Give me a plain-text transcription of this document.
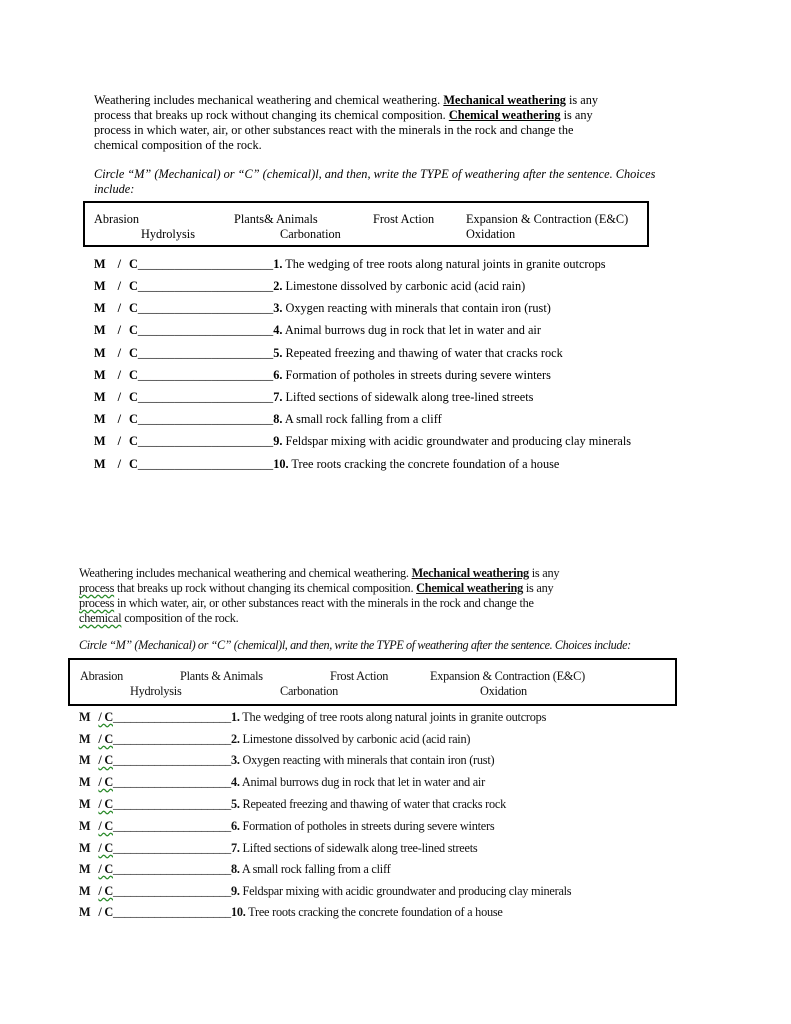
Weathering includes mechanical weathering and chemical weathering. Mechanical weathering is any
process that breaks up rock without changing its chemical composition. Chemical weathering is any
process in which water, air, or other substances react with the minerals in the rock and change the
chemical composition of the rock.
Circle “M” (Mechanical) or “C” (chemical)l, and then, write the TYPE of weathering after the sentence. Choices
include:
Abrasion	Plants& Animals	Frost Action	Expansion & Contraction (E&C)
Hydrolysis	Carbonation	Oxidation
M / C______________________1. The wedging of tree roots along natural joints in granite outcrops
M / C______________________2. Limestone dissolved by carbonic acid (acid rain)
M / C______________________3. Oxygen reacting with minerals that contain iron (rust)
M / C______________________4. Animal burrows dug in rock that let in water and air
M / C______________________5. Repeated freezing and thawing of water that cracks rock
M / C______________________6. Formation of potholes in streets during severe winters
M / C______________________7. Lifted sections of sidewalk along tree-lined streets
M / C______________________8. A small rock falling from a cliff
M / C______________________9. Feldspar mixing with acidic groundwater and producing clay minerals
M / C______________________10. Tree roots cracking the concrete foundation of a house
Weathering includes mechanical weathering and chemical weathering. Mechanical weathering is any
process that breaks up rock without changing its chemical composition. Chemical weathering is any
process in which water, air, or other substances react with the minerals in the rock and change the
chemical composition of the rock.
Circle “M” (Mechanical) or “C” (chemical)l, and then, write the TYPE of weathering after the sentence. Choices include:
Abrasion	Plants & Animals	Frost Action	Expansion & Contraction (E&C)
Hydrolysis	Carbonation	Oxidation
M / C____________________1. The wedging of tree roots along natural joints in granite outcrops
M / C____________________2. Limestone dissolved by carbonic acid (acid rain)
M / C____________________3. Oxygen reacting with minerals that contain iron (rust)
M / C____________________4. Animal burrows dug in rock that let in water and air
M / C____________________5. Repeated freezing and thawing of water that cracks rock
M / C____________________6. Formation of potholes in streets during severe winters
M / C____________________7. Lifted sections of sidewalk along tree-lined streets
M / C____________________8. A small rock falling from a cliff
M / C____________________9. Feldspar mixing with acidic groundwater and producing clay minerals
M / C____________________10. Tree roots cracking the concrete foundation of a house
